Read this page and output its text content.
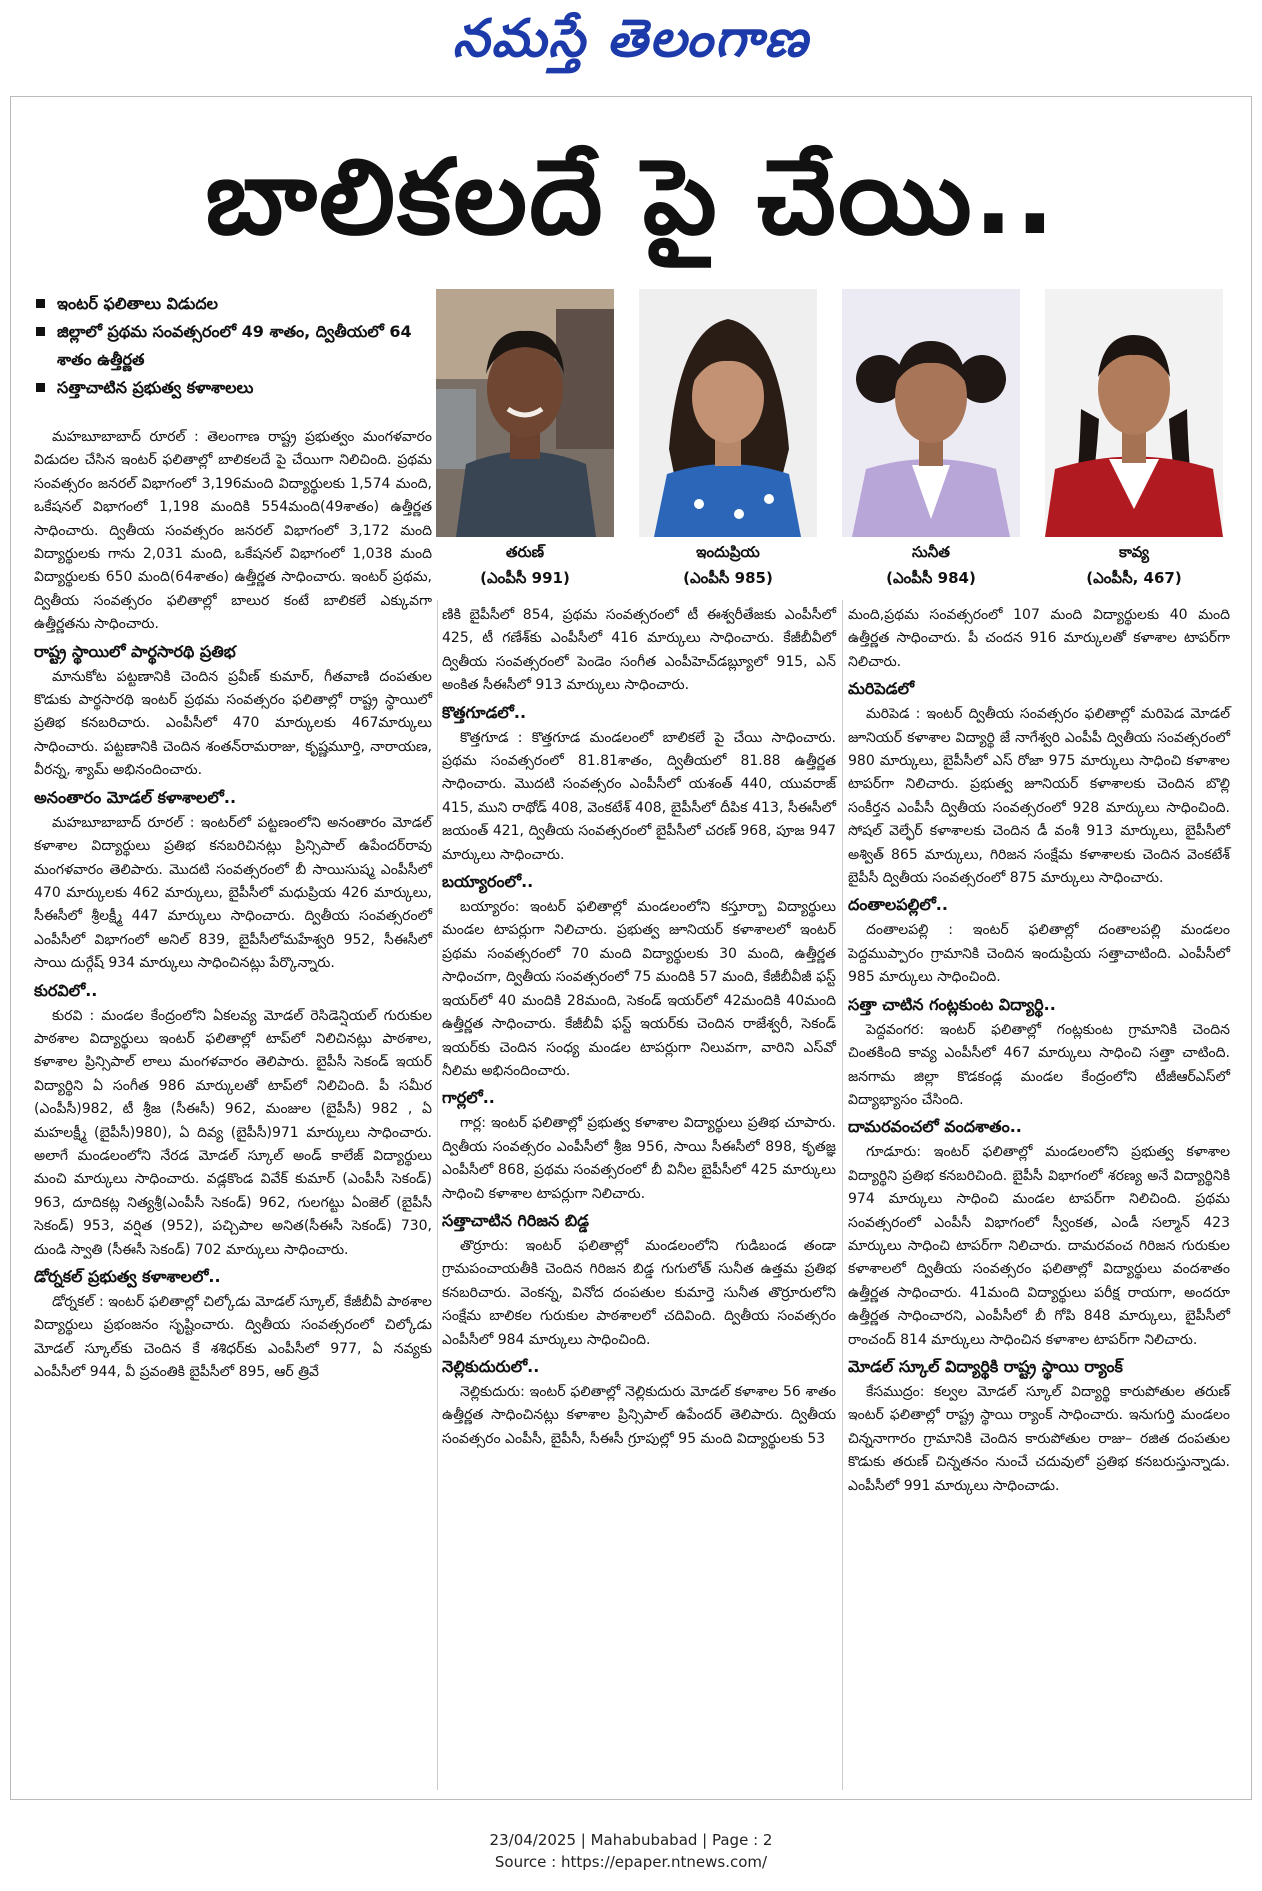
నమస్తే తెలంగాణ
బాలికలదే పై చేయి..
ఇంటర్ ఫలితాలు విడుదల
జిల్లాలో ప్రథమ సంవత్సరంలో 49 శాతం, ద్వితీయలో 64 శాతం ఉత్తీర్ణత
సత్తాచాటిన ప్రభుత్వ కళాశాలలు
తరుణ్
(ఎంపీసీ 991)
ఇందుప్రియ
(ఎంపీసీ 985)
సునీత
(ఎంపీసీ 984)
కావ్య
(ఎంపీసీ, 467)

మహబూబాబాద్ రూరల్ : తెలంగాణ రాష్ట్ర ప్రభుత్వం మంగళవారం విడుదల చేసిన ఇంటర్ ఫలితాల్లో బాలికలదే పై చేయిగా నిలిచింది. ప్రథమ సంవత్సరం జనరల్ విభాగంలో 3,196మంది విద్యార్థులకు 1,574 మంది, ఒకేషనల్ విభాగంలో 1,198 మందికి 554మంది(49శాతం) ఉత్తీర్ణత సాధించారు. ద్వితీయ సంవత్సరం జనరల్ విభాగంలో 3,172 మంది విద్యార్థులకు గాను 2,031 మంది, ఒకేషనల్ విభాగంలో 1,038 మంది విద్యార్థులకు 650 మంది(64శాతం) ఉత్తీర్ణత సాధించారు. ఇంటర్ ప్రథమ, ద్వితీయ సంవత్సరం ఫలితాల్లో బాలుర కంటే బాలికలే ఎక్కువగా ఉత్తీర్ణతను సాధించారు.

రాష్ట్ర స్థాయిలో పార్థసారథి ప్రతిభ

మానుకోట పట్టణానికి చెందిన ప్రవీణ్ కుమార్, గీతవాణి దంపతుల కొడుకు పార్థసారథి ఇంటర్ ప్రథమ సంవత్సరం ఫలితాల్లో రాష్ట్ర స్థాయిలో ప్రతిభ కనబరిచారు. ఎంపీసీలో 470 మార్కులకు 467మార్కులు సాధించారు. పట్టణానికి చెందిన శంతన్‌రామరాజు, కృష్ణమూర్తి, నారాయణ, వీరన్న, శ్యామ్ అభినందించారు.

అనంతారం మోడల్ కళాశాలలో..

మహబూబాబాద్ రూరల్ : ఇంటర్‌లో పట్టణంలోని అనంతారం మోడల్ కళాశాల విద్యార్థులు ప్రతిభ కనబరిచినట్లు ప్రిన్సిపాల్ ఉపేందర్‌రావు మంగళవారం తెలిపారు. మొదటి సంవత్సరంలో బీ సాయిసుష్మ ఎంపీసీలో 470 మార్కులకు 462 మార్కులు, బైపీసీలో మధుప్రియ 426 మార్కులు, సీఈసీలో శ్రీలక్ష్మీ 447 మార్కులు సాధించారు. ద్వితీయ సంవత్సరంలో ఎంపీసీలో విభాగంలో అనిల్ 839, బైపీసీలోమహేశ్వరి 952, సీఈసీలో సాయి దుర్గేష్ 934 మార్కులు సాధించినట్లు పేర్కొన్నారు.

కురవిలో..

కురవి : మండల కేంద్రంలోని ఏకలవ్య మోడల్ రెసిడెన్షియల్ గురుకుల పాఠశాల విద్యార్థులు ఇంటర్ ఫలితాల్లో టాప్‌లో నిలిచినట్లు పాఠశాల, కళాశాల ప్రిన్సిపాల్ లాలు మంగళవారం తెలిపారు. బైపీసీ సెకండ్ ఇయర్ విద్యార్థిని ఏ సంగీత 986 మార్కులతో టాప్‌లో నిలిచింది. పీ సమీర (ఎంపీసీ)982, టీ శ్రీజ (సీఈసీ) 962, మంజుల (బైపీసీ) 982 , ఏ మహలక్ష్మీ (బైపీసీ)980), ఏ దివ్య (బైపీసీ)971 మార్కులు సాధించారు. అలాగే మండలంలోని నేరడ మోడల్ స్కూల్ అండ్ కాలేజ్ విద్యార్థులు మంచి మార్కులు సాధించారు. వడ్లకొండ వివేక్ కుమార్ (ఎంపీసీ సెకండ్) 963, దూదికట్ల నిత్యశ్రీ(ఎంపీసీ సెకండ్) 962, గులగట్టు ఏంజెల్ (బైపీసీ సెకండ్) 953, వర్షిత (952), పచ్చిపాల అనిత(సీఈసీ సెకండ్) 730, దుండి స్వాతి (సీఈసీ సెకండ్) 702 మార్కులు సాధించారు.

డోర్నకల్ ప్రభుత్వ కళాశాలలో..

డోర్నకల్ : ఇంటర్ ఫలితాల్లో చిల్కోడు మోడల్ స్కూల్, కేజీబీవీ పాఠశాల విద్యార్థులు ప్రభంజనం సృష్టించారు. ద్వితీయ సంవత్సరంలో చిల్కోడు మోడల్ స్కూల్‌కు చెందిన కే శశిధర్‌కు ఎంపీసీలో 977, ఏ నవ్యకు ఎంపీసీలో 944, వీ ప్రవంతికి బైపీసీలో 895, ఆర్ త్రివే

ణికి బైపీసీలో 854, ప్రథమ సంవత్సరంలో టీ ఈశ్వరీతేజకు ఎంపీసీలో 425, టీ గణేశ్‌కు ఎంపీసీలో 416 మార్కులు సాధించారు. కేజీబీవీలో ద్వితీయ సంవత్సరంలో పెండెం సంగీత ఎంపీహెచ్‌డబ్ల్యూలో 915, ఎన్ అంకిత సీఈసీలో 913 మార్కులు సాధించారు.

కొత్తగూడలో..

కొత్తగూడ : కొత్తగూడ మండలంలో బాలికలే పై చేయి సాధించారు. ప్రథమ సంవత్సరంలో 81.81శాతం, ద్వితీయలో 81.88 ఉత్తీర్ణత సాధించారు. మొదటి సంవత్సరం ఎంపీసీలో యశంత్ 440, యువరాజ్ 415, ముని రాథోడ్ 408, వెంకటేశ్ 408, బైపీసీలో దీపిక 413, సీఈసీలో జయంత్ 421, ద్వితీయ సంవత్సరంలో బైపీసీలో చరణ్ 968, పూజ 947 మార్కులు సాధించారు.

బయ్యారంలో..

బయ్యారం: ఇంటర్ ఫలితాల్లో మండలంలోని కస్తూర్బా విద్యార్థులు మండల టాపర్లుగా నిలిచారు. ప్రభుత్వ జూనియర్ కళాశాలలో ఇంటర్ ప్రథమ సంవత్సరంలో 70 మంది విద్యార్థులకు 30 మంది, ఉత్తీర్ణత సాధించగా, ద్వితీయ సంవత్సరంలో 75 మందికి 57 మంది, కేజీబీవీజీ ఫస్ట్ ఇయర్‌లో 40 మందికి 28మంది, సెకండ్ ఇయర్‌లో 42మందికి 40మంది ఉత్తీర్ణత సాధించారు. కేజీబీవీ ఫస్ట్ ఇయర్‌కు చెందిన రాజేశ్వరీ, సెకండ్ ఇయర్‌కు చెందిన సంధ్య మండల టాపర్లుగా నిలువగా, వారిని ఎస్‌వో నీలిమ అభినందించారు.

గార్లలో..

గార్ల: ఇంటర్ ఫలితాల్లో ప్రభుత్వ కళాశాల విద్యార్థులు ప్రతిభ చూపారు. ద్వితీయ సంవత్సరం ఎంపీసీలో శ్రీజ 956, సాయి సీఈసీలో 898, కృతజ్ఞ ఎంపీసీలో 868, ప్రథమ సంవత్సరంలో బీ వినీల బైపీసీలో 425 మార్కులు సాధించి కళాశాల టాపర్లుగా నిలిచారు.

సత్తాచాటిన గిరిజన బిడ్డ

తొర్రూరు: ఇంటర్ ఫలితాల్లో మండలంలోని గుడిబండ తండా గ్రామపంచాయతీకి చెందిన గిరిజన బిడ్డ గుగులోత్ సునీత ఉత్తమ ప్రతిభ కనబరిచారు. వెంకన్న, వినోద దంపతుల కుమార్తె సునీత తొర్రూరులోని సంక్షేమ బాలికల గురుకుల పాఠశాలలో చదివింది. ద్వితీయ సంవత్సరం ఎంపీసీలో 984 మార్కులు సాధించింది.

నెల్లికుదురులో..

నెల్లికుదురు: ఇంటర్ ఫలితాల్లో నెల్లికుదురు మోడల్ కళాశాల 56 శాతం ఉత్తీర్ణత సాధించినట్లు కళాశాల ప్రిన్సిపాల్ ఉపేందర్ తెలిపారు. ద్వితీయ సంవత్సరం ఎంపీసీ, బైపీసీ, సీఈసీ గ్రూపుల్లో 95 మంది విద్యార్థులకు 53

మంది,ప్రథమ సంవత్సరంలో 107 మంది విద్యార్థులకు 40 మంది ఉత్తీర్ణత సాధించారు. పీ చందన 916 మార్కులతో కళాశాల టాపర్‌గా నిలిచారు.

మరిపెడలో

మరిపెడ : ఇంటర్ ద్వితీయ సంవత్సరం ఫలితాల్లో మరిపెడ మోడల్ జూనియర్ కళాశాల విద్యార్థి జే నాగేశ్వరి ఎంపీపీ ద్వితీయ సంవత్సరంలో 980 మార్కులు, బైపీసీలో ఎస్ రోజా 975 మార్కులు సాధించి కళాశాల టాపర్‌గా నిలిచారు. ప్రభుత్వ జూనియర్ కళాశాలకు చెందిన బొల్లి సంకీర్తన ఎంపీసీ ద్వితీయ సంవత్సరంలో 928 మార్కులు సాధించింది. సోషల్ వెల్ఫేర్ కళాశాలకు చెందిన డీ వంశీ 913 మార్కులు, బైపీసీలో అశ్విత్ 865 మార్కులు, గిరిజన సంక్షేమ కళాశాలకు చెందిన వెంకటేశ్ బైపీసీ ద్వితీయ సంవత్సరంలో 875 మార్కులు సాధించారు.

దంతాలపల్లిలో..

దంతాలపల్లి : ఇంటర్ ఫలితాల్లో దంతాలపల్లి మండలం పెద్దముప్పారం గ్రామానికి చెందిన ఇందుప్రియ సత్తాచాటింది. ఎంపీసీలో 985 మార్కులు సాధించింది.

సత్తా చాటిన గంట్లకుంట విద్యార్థి..

పెద్దవంగర: ఇంటర్ ఫలితాల్లో గంట్లకుంట గ్రామానికి చెందిన చింతకింది కావ్య ఎంపీసీలో 467 మార్కులు సాధించి సత్తా చాటింది. జనగామ జిల్లా కొడకండ్ల మండల కేంద్రంలోని టీజీఆర్ఎస్‌లో విద్యాభ్యాసం చేసింది.

దామరవంచలో వందశాతం..

గూడూరు: ఇంటర్ ఫలితాల్లో మండలంలోని ప్రభుత్వ కళాశాల విద్యార్థిని ప్రతిభ కనబరిచింది. బైపీసీ విభాగంలో శరణ్య అనే విద్యార్థినికి 974 మార్కులు సాధించి మండల టాపర్‌గా నిలిచింది. ప్రథమ సంవత్సరంలో ఎంపీసీ విభాగంలో స్వీంకత, ఎండీ సల్మాన్ 423 మార్కులు సాధించి టాపర్‌గా నిలిచారు. దామరవంచ గిరిజన గురుకుల కళాశాలలో ద్వితీయ సంవత్సరం ఫలితాల్లో విద్యార్థులు వందశాతం ఉత్తీర్ణత సాధించారు. 41మంది విద్యార్థులు పరీక్ష రాయగా, అందరూ ఉత్తీర్ణత సాధించారని, ఎంపీసీలో బీ గోపి 848 మార్కులు, బైపీసీలో రాంచంద్ 814 మార్కులు సాధించిన కళాశాల టాపర్‌గా నిలిచారు.

మోడల్ స్కూల్ విద్యార్థికి రాష్ట్ర స్థాయి ర్యాంక్

కేసముద్రం: కల్వల మోడల్ స్కూల్ విద్యార్థి కారుపోతుల తరుణ్ ఇంటర్ ఫలితాల్లో రాష్ట్ర స్థాయి ర్యాంక్ సాధించారు. ఇనుగుర్తి మండలం చిన్ననాగారం గ్రామానికి చెందిన కారుపోతుల రాజు– రజిత దంపతుల కొడుకు తరుణ్ చిన్నతనం నుంచే చదువులో ప్రతిభ కనబరుస్తున్నాడు. ఎంపీసీలో 991 మార్కులు సాధించాడు.

23/04/2025 | Mahabubabad | Page : 2
Source : https://epaper.ntnews.com/
